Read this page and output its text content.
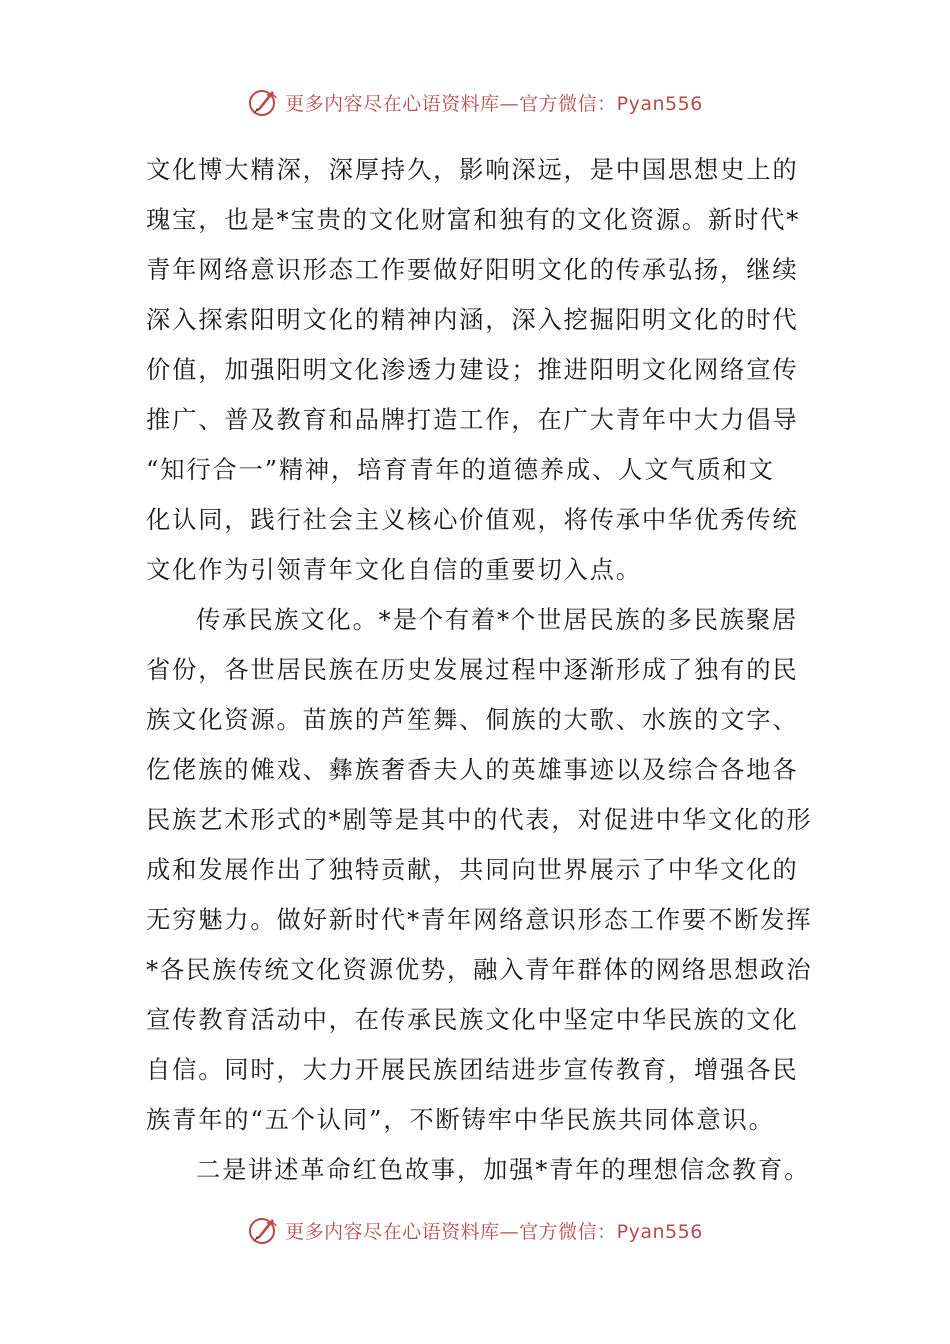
更多内容尽在心语资料库—官方微信：Pyan556
文化博大精深，深厚持久，影响深远，是中国思想史上的
瑰宝，也是*宝贵的文化财富和独有的文化资源。新时代*
青年网络意识形态工作要做好阳明文化的传承弘扬，继续
深入探索阳明文化的精神内涵，深入挖掘阳明文化的时代
价值，加强阳明文化渗透力建设；推进阳明文化网络宣传
推广、普及教育和品牌打造工作，在广大青年中大力倡导
“知行合一”精神，培育青年的道德养成、人文气质和文
化认同，践行社会主义核心价值观，将传承中华优秀传统
文化作为引领青年文化自信的重要切入点。
传承民族文化。*是个有着*个世居民族的多民族聚居
省份，各世居民族在历史发展过程中逐渐形成了独有的民
族文化资源。苗族的芦笙舞、侗族的大歌、水族的文字、
仡佬族的傩戏、彝族奢香夫人的英雄事迹以及综合各地各
民族艺术形式的*剧等是其中的代表，对促进中华文化的形
成和发展作出了独特贡献，共同向世界展示了中华文化的
无穷魅力。做好新时代*青年网络意识形态工作要不断发挥
*各民族传统文化资源优势，融入青年群体的网络思想政治
宣传教育活动中，在传承民族文化中坚定中华民族的文化
自信。同时，大力开展民族团结进步宣传教育，增强各民
族青年的“五个认同”，不断铸牢中华民族共同体意识。
二是讲述革命红色故事，加强*青年的理想信念教育。
更多内容尽在心语资料库—官方微信：Pyan556
